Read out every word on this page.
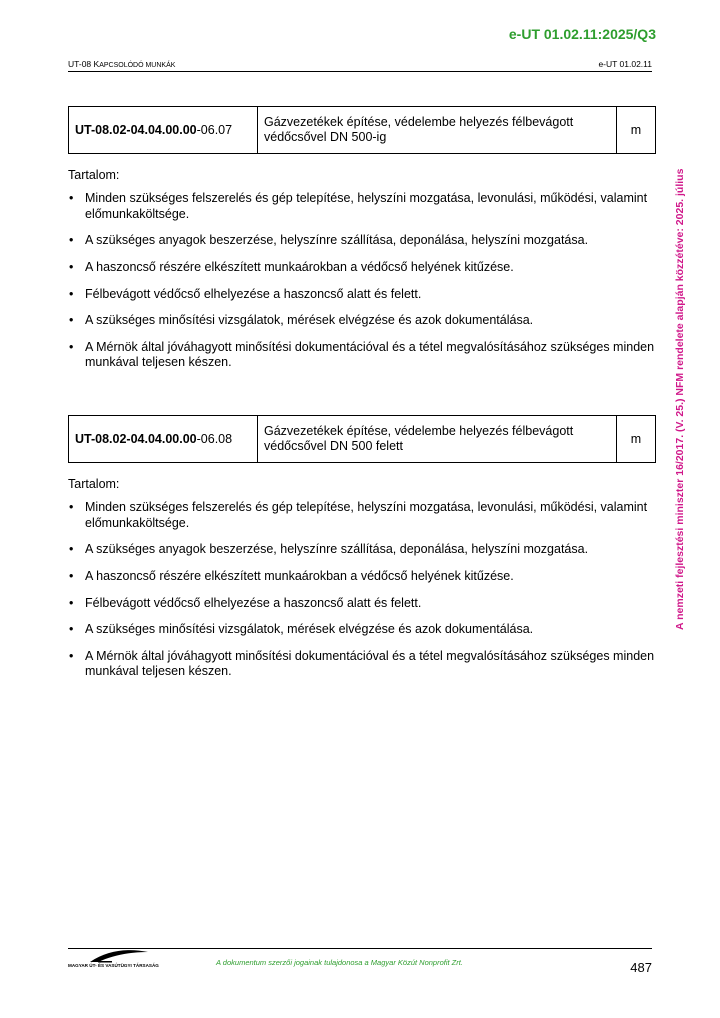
e-UT 01.02.11:2025/Q3
UT-08 KAPCSOLÓDÓ MUNKÁK	e-UT 01.02.11
A nemzeti fejlesztési miniszter 16/2017. (V. 25.) NFM rendelete alapján közzétéve: 2025. július
UT-08.02-04.04.00.00-06.07	Gázvezetékek építése, védelembe helyezés félbevágott védőcsővel DN 500-ig	m
Tartalom:
• Minden szükséges felszerelés és gép telepítése, helyszíni mozgatása, levonulási, működési, valamint előmunkaköltsége.
• A szükséges anyagok beszerzése, helyszínre szállítása, deponálása, helyszíni mozgatása.
• A haszoncső részére elkészített munkaárokban a védőcső helyének kitűzése.
• Félbevágott védőcső elhelyezése a haszoncső alatt és felett.
• A szükséges minősítési vizsgálatok, mérések elvégzése és azok dokumentálása.
• A Mérnök által jóváhagyott minősítési dokumentációval és a tétel megvalósításához szükséges minden munkával teljesen készen.
UT-08.02-04.04.00.00-06.08	Gázvezetékek építése, védelembe helyezés félbevágott védőcsővel DN 500 felett	m
Tartalom:
• Minden szükséges felszerelés és gép telepítése, helyszíni mozgatása, levonulási, működési, valamint előmunkaköltsége.
• A szükséges anyagok beszerzése, helyszínre szállítása, deponálása, helyszíni mozgatása.
• A haszoncső részére elkészített munkaárokban a védőcső helyének kitűzése.
• Félbevágott védőcső elhelyezése a haszoncső alatt és felett.
• A szükséges minősítési vizsgálatok, mérések elvégzése és azok dokumentálása.
• A Mérnök által jóváhagyott minősítési dokumentációval és a tétel megvalósításához szükséges minden munkával teljesen készen.
MAGYAR ÚT- ÉS VASÚTÜGYI TÁRSASÁG	A dokumentum szerzői jogainak tulajdonosa a Magyar Közút Nonprofit Zrt.	487
